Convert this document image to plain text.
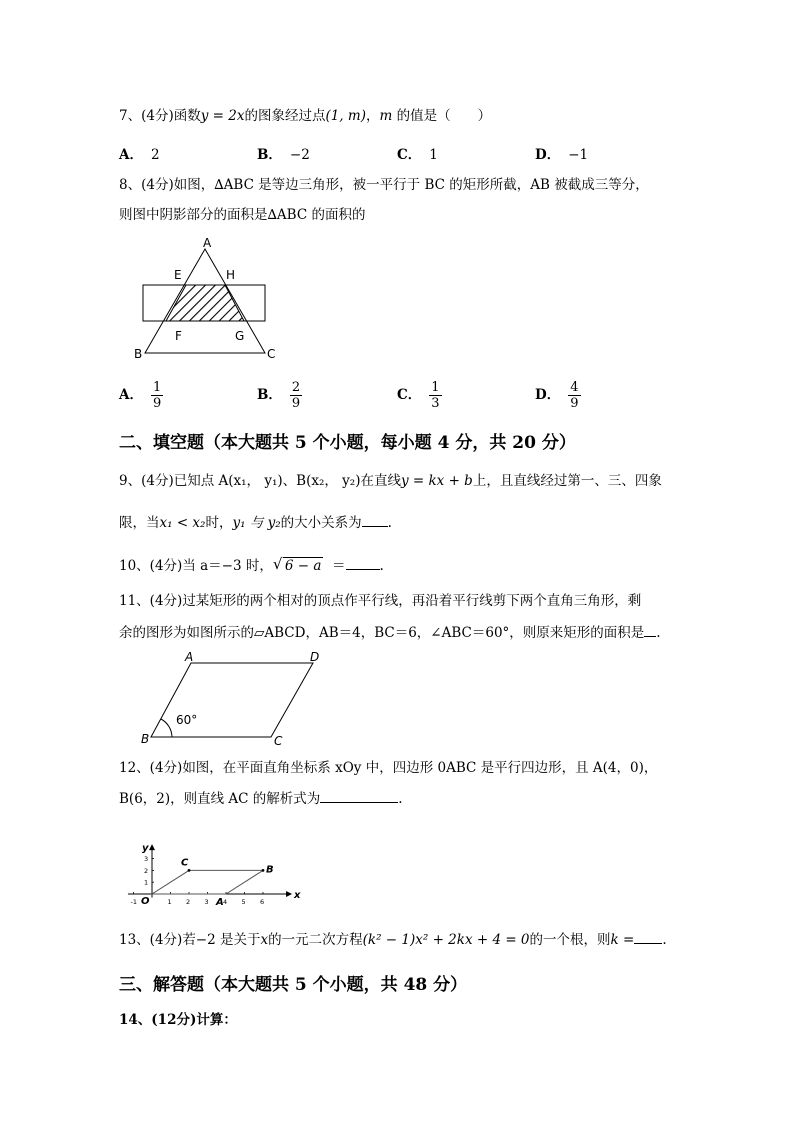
7、(4分)函数y = 2x的图象经过点(1, m)，m 的值是（　　）
A． 2	B． −2	C． 1	D． −1
8、(4分)如图，∆ABC 是等边三角形，被一平行于 BC 的矩形所截，AB 被截成三等分，
则图中阴影部分的面积是∆ABC 的面积的
A
E	H
F	G
B	C
A． $\frac{1}{9}$	B． $\frac{2}{9}$	C． $\frac{1}{3}$	D． $\frac{4}{9}$
二、填空题（本大题共 5 个小题，每小题 4 分，共 20 分）
9、(4分)已知点 A(x₁， y₁)、B(x₂， y₂)在直线y = kx + b上，且直线经过第一、三、四象
限，当x₁ < x₂时，y₁ 与 y₂的大小关系为 .
10、(4分)当 a＝−3 时， √ 6 − a ＝	.
11、(4分)过某矩形的两个相对的顶点作平行线，再沿着平行线剪下两个直角三角形，剩
余的图形为如图所示的▱ABCD，AB＝4，BC＝6，∠ABC＝60°，则原来矩形的面积是 .
A	D
B	C
60°
12、(4分)如图，在平面直角坐标系 xOy 中，四边形 0ABC 是平行四边形，且 A(4，0)，
B(6，2)，则直线 AC 的解析式为	.
x
y
O
-1	1 2 3 4 5 6
1
2
3	C
B
A
13、(4分)若−2 是关于x的一元二次方程(k² − 1)x² + 2kx + 4 = 0的一个根，则k = .
三、解答题（本大题共 5 个小题，共 48 分）
14、(12分)计算：
